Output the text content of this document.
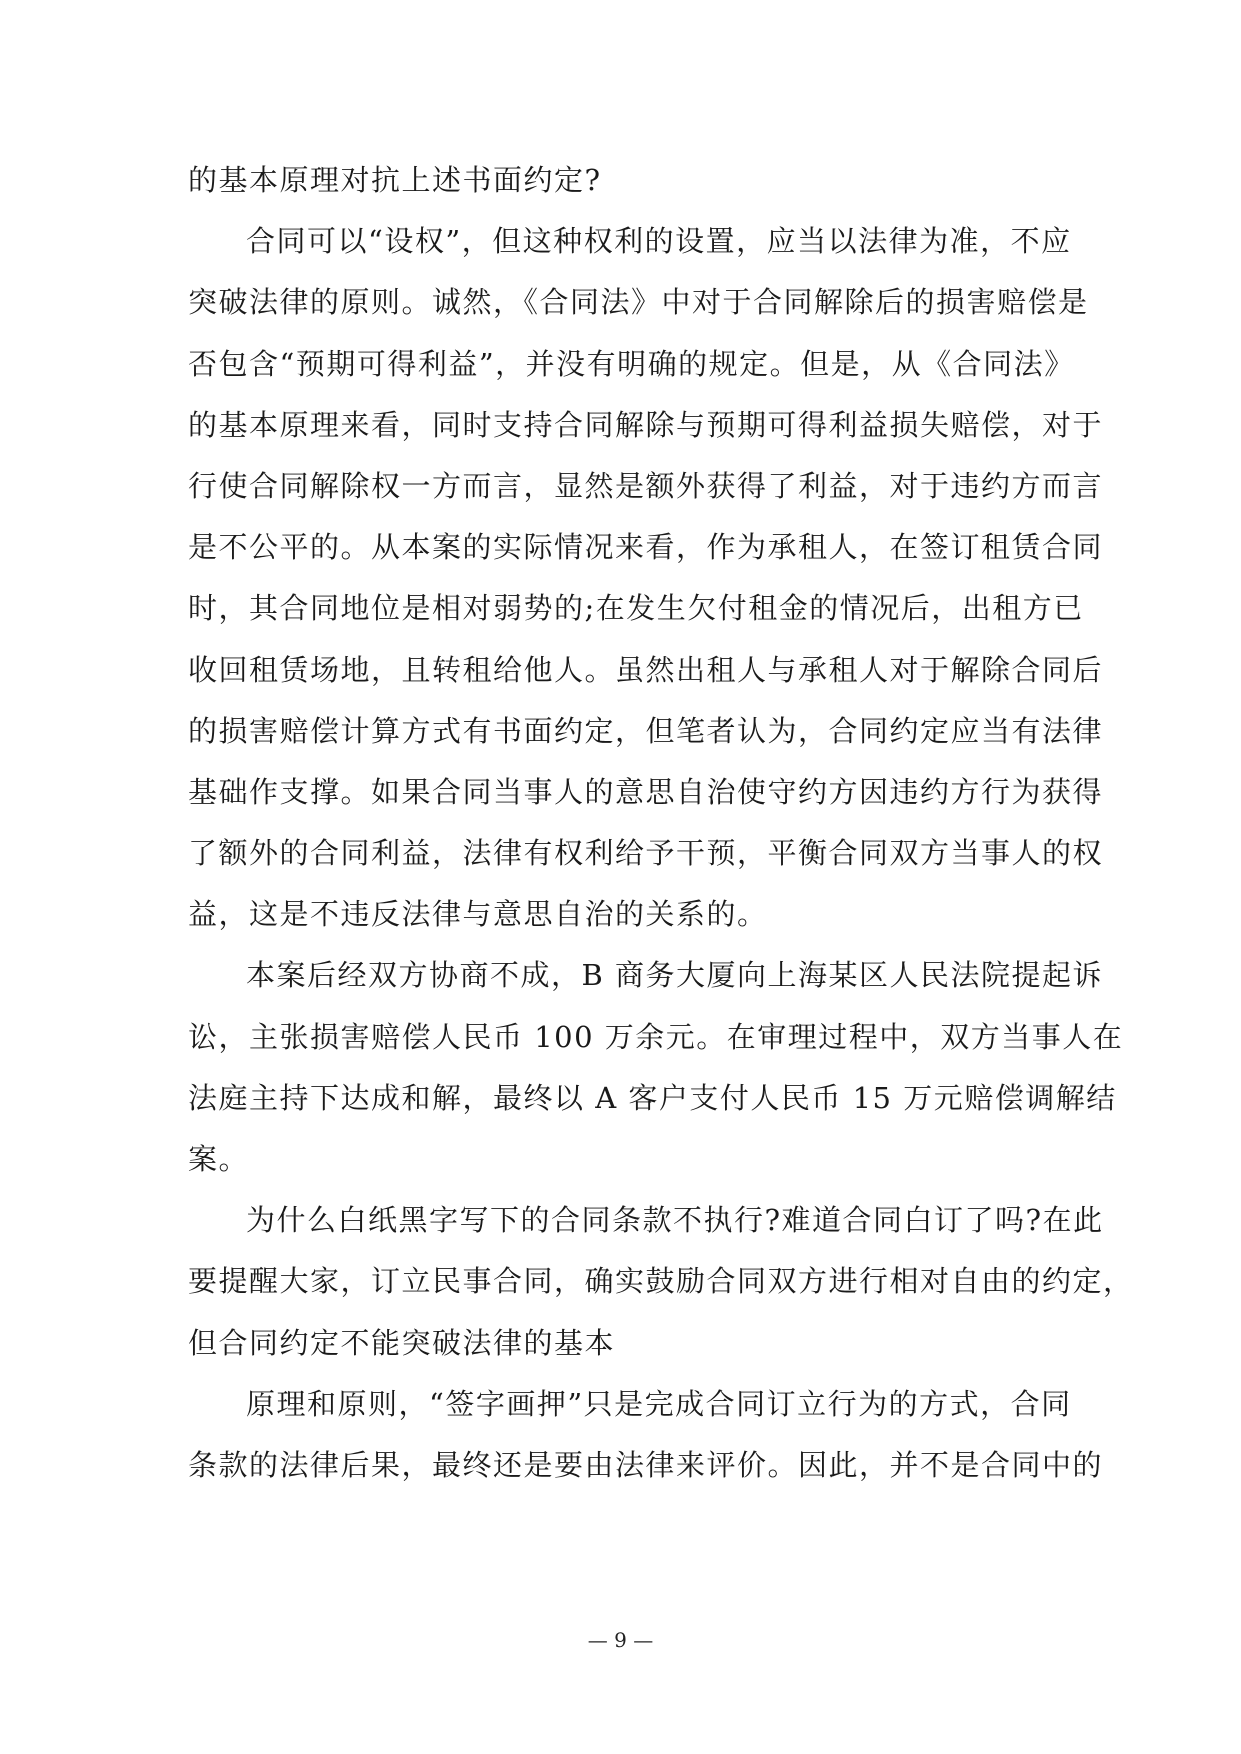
的基本原理对抗上述书面约定?
合同可以“设权”，但这种权利的设置，应当以法律为准，不应
突破法律的原则。诚然，《合同法》中对于合同解除后的损害赔偿是
否包含“预期可得利益”，并没有明确的规定。但是，从《合同法》
的基本原理来看，同时支持合同解除与预期可得利益损失赔偿，对于
行使合同解除权一方而言，显然是额外获得了利益，对于违约方而言
是不公平的。从本案的实际情况来看，作为承租人，在签订租赁合同
时，其合同地位是相对弱势的;在发生欠付租金的情况后，出租方已
收回租赁场地，且转租给他人。虽然出租人与承租人对于解除合同后
的损害赔偿计算方式有书面约定，但笔者认为，合同约定应当有法律
基础作支撑。如果合同当事人的意思自治使守约方因违约方行为获得
了额外的合同利益，法律有权利给予干预，平衡合同双方当事人的权
益，这是不违反法律与意思自治的关系的。
本案后经双方协商不成，B 商务大厦向上海某区人民法院提起诉
讼，主张损害赔偿人民币 100 万余元。在审理过程中，双方当事人在
法庭主持下达成和解，最终以 A 客户支付人民币 15 万元赔偿调解结
案。
为什么白纸黑字写下的合同条款不执行?难道合同白订了吗?在此
要提醒大家，订立民事合同，确实鼓励合同双方进行相对自由的约定，
但合同约定不能突破法律的基本
原理和原则，“签字画押”只是完成合同订立行为的方式，合同
条款的法律后果，最终还是要由法律来评价。因此，并不是合同中的
— 9 —
